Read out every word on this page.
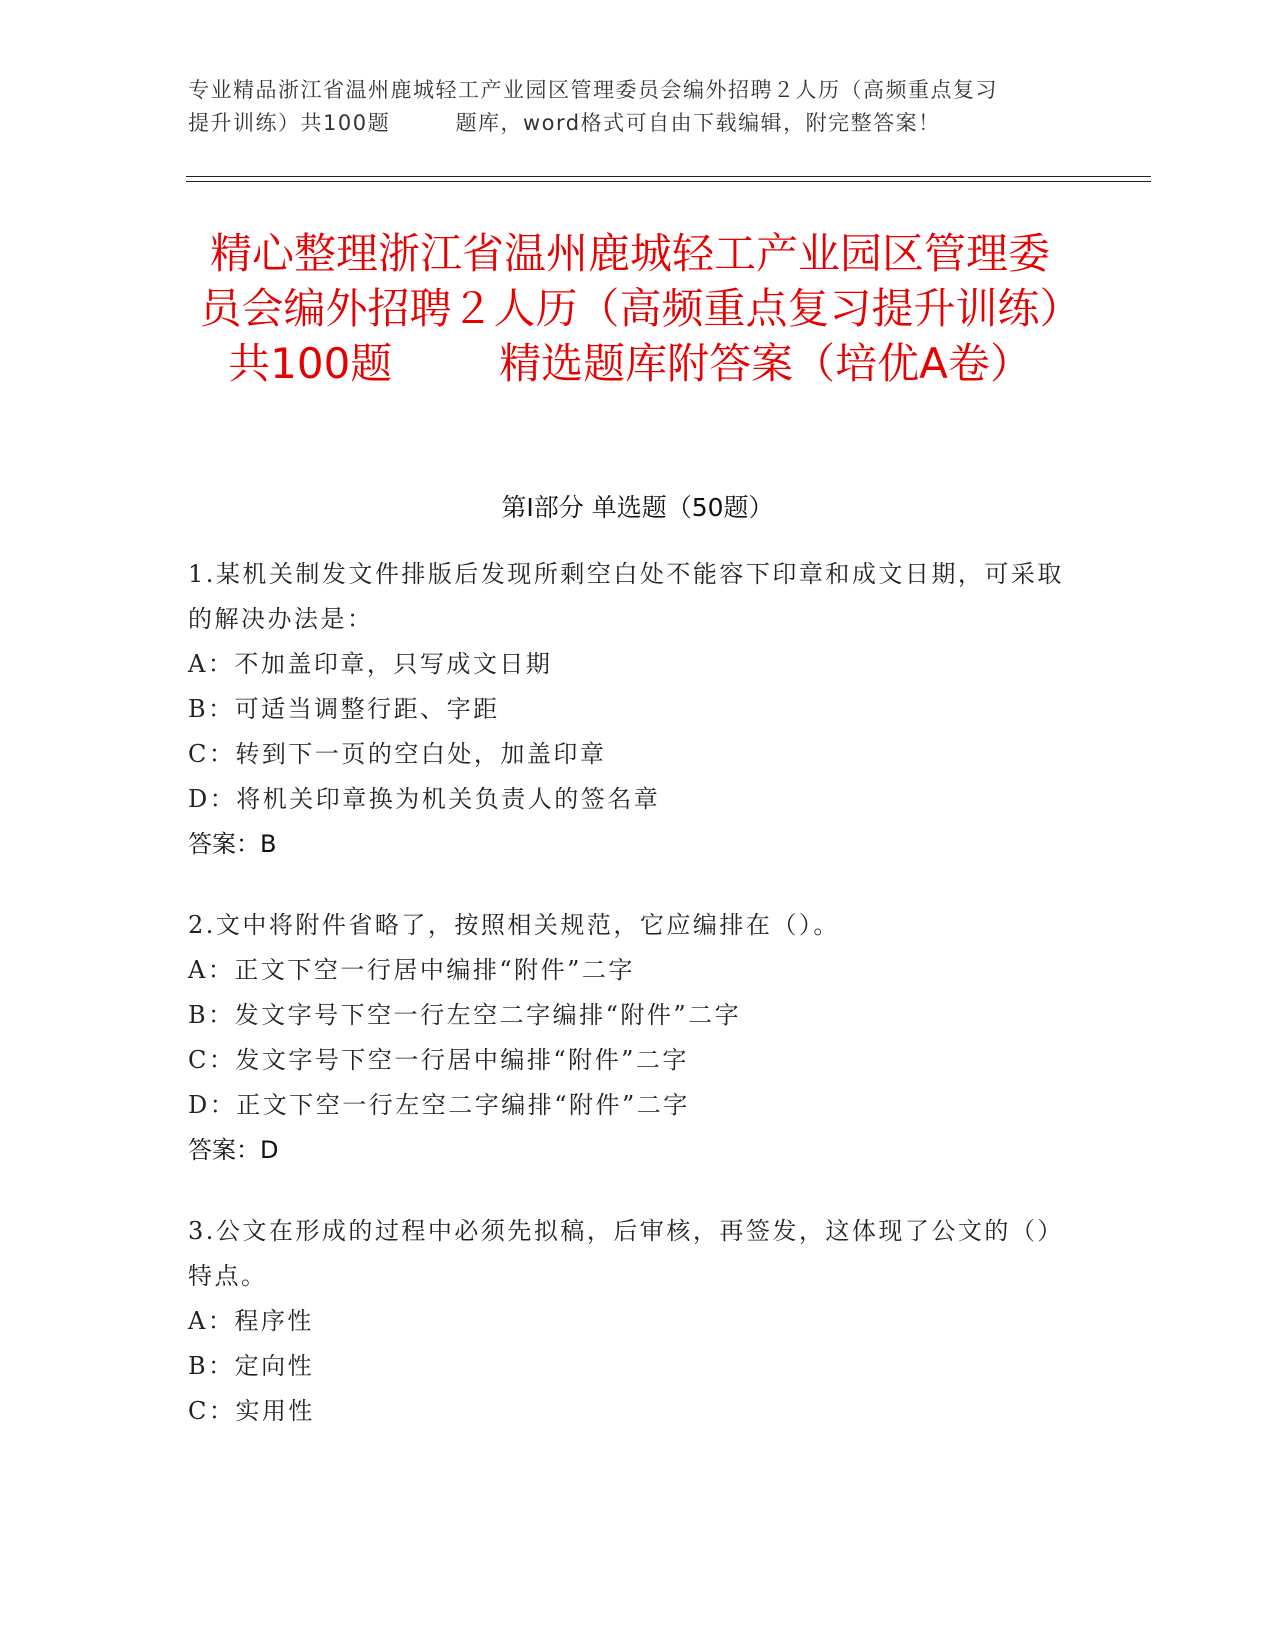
专业精品浙江省温州鹿城轻工产业园区管理委员会编外招聘２人历（高频重点复习
提升训练）共100题        题库，word格式可自由下载编辑，附完整答案！
精心整理浙江省温州鹿城轻工产业园区管理委员会编外招聘２人历（高频重点复习提升训练）共100题        精选题库附答案（培优A卷）
第Ⅰ部分 单选题（50题）
1.某机关制发文件排版后发现所剩空白处不能容下印章和成文日期，可采取的解决办法是：
A：不加盖印章，只写成文日期
B：可适当调整行距、字距
C：转到下一页的空白处，加盖印章
D：将机关印章换为机关负责人的签名章
答案：B
2.文中将附件省略了，按照相关规范，它应编排在（）。
A：正文下空一行居中编排“附件”二字
B：发文字号下空一行左空二字编排“附件”二字
C：发文字号下空一行居中编排“附件”二字
D：正文下空一行左空二字编排“附件”二字
答案：D
3.公文在形成的过程中必须先拟稿，后审核，再签发，这体现了公文的（）特点。
A：程序性
B：定向性
C：实用性
